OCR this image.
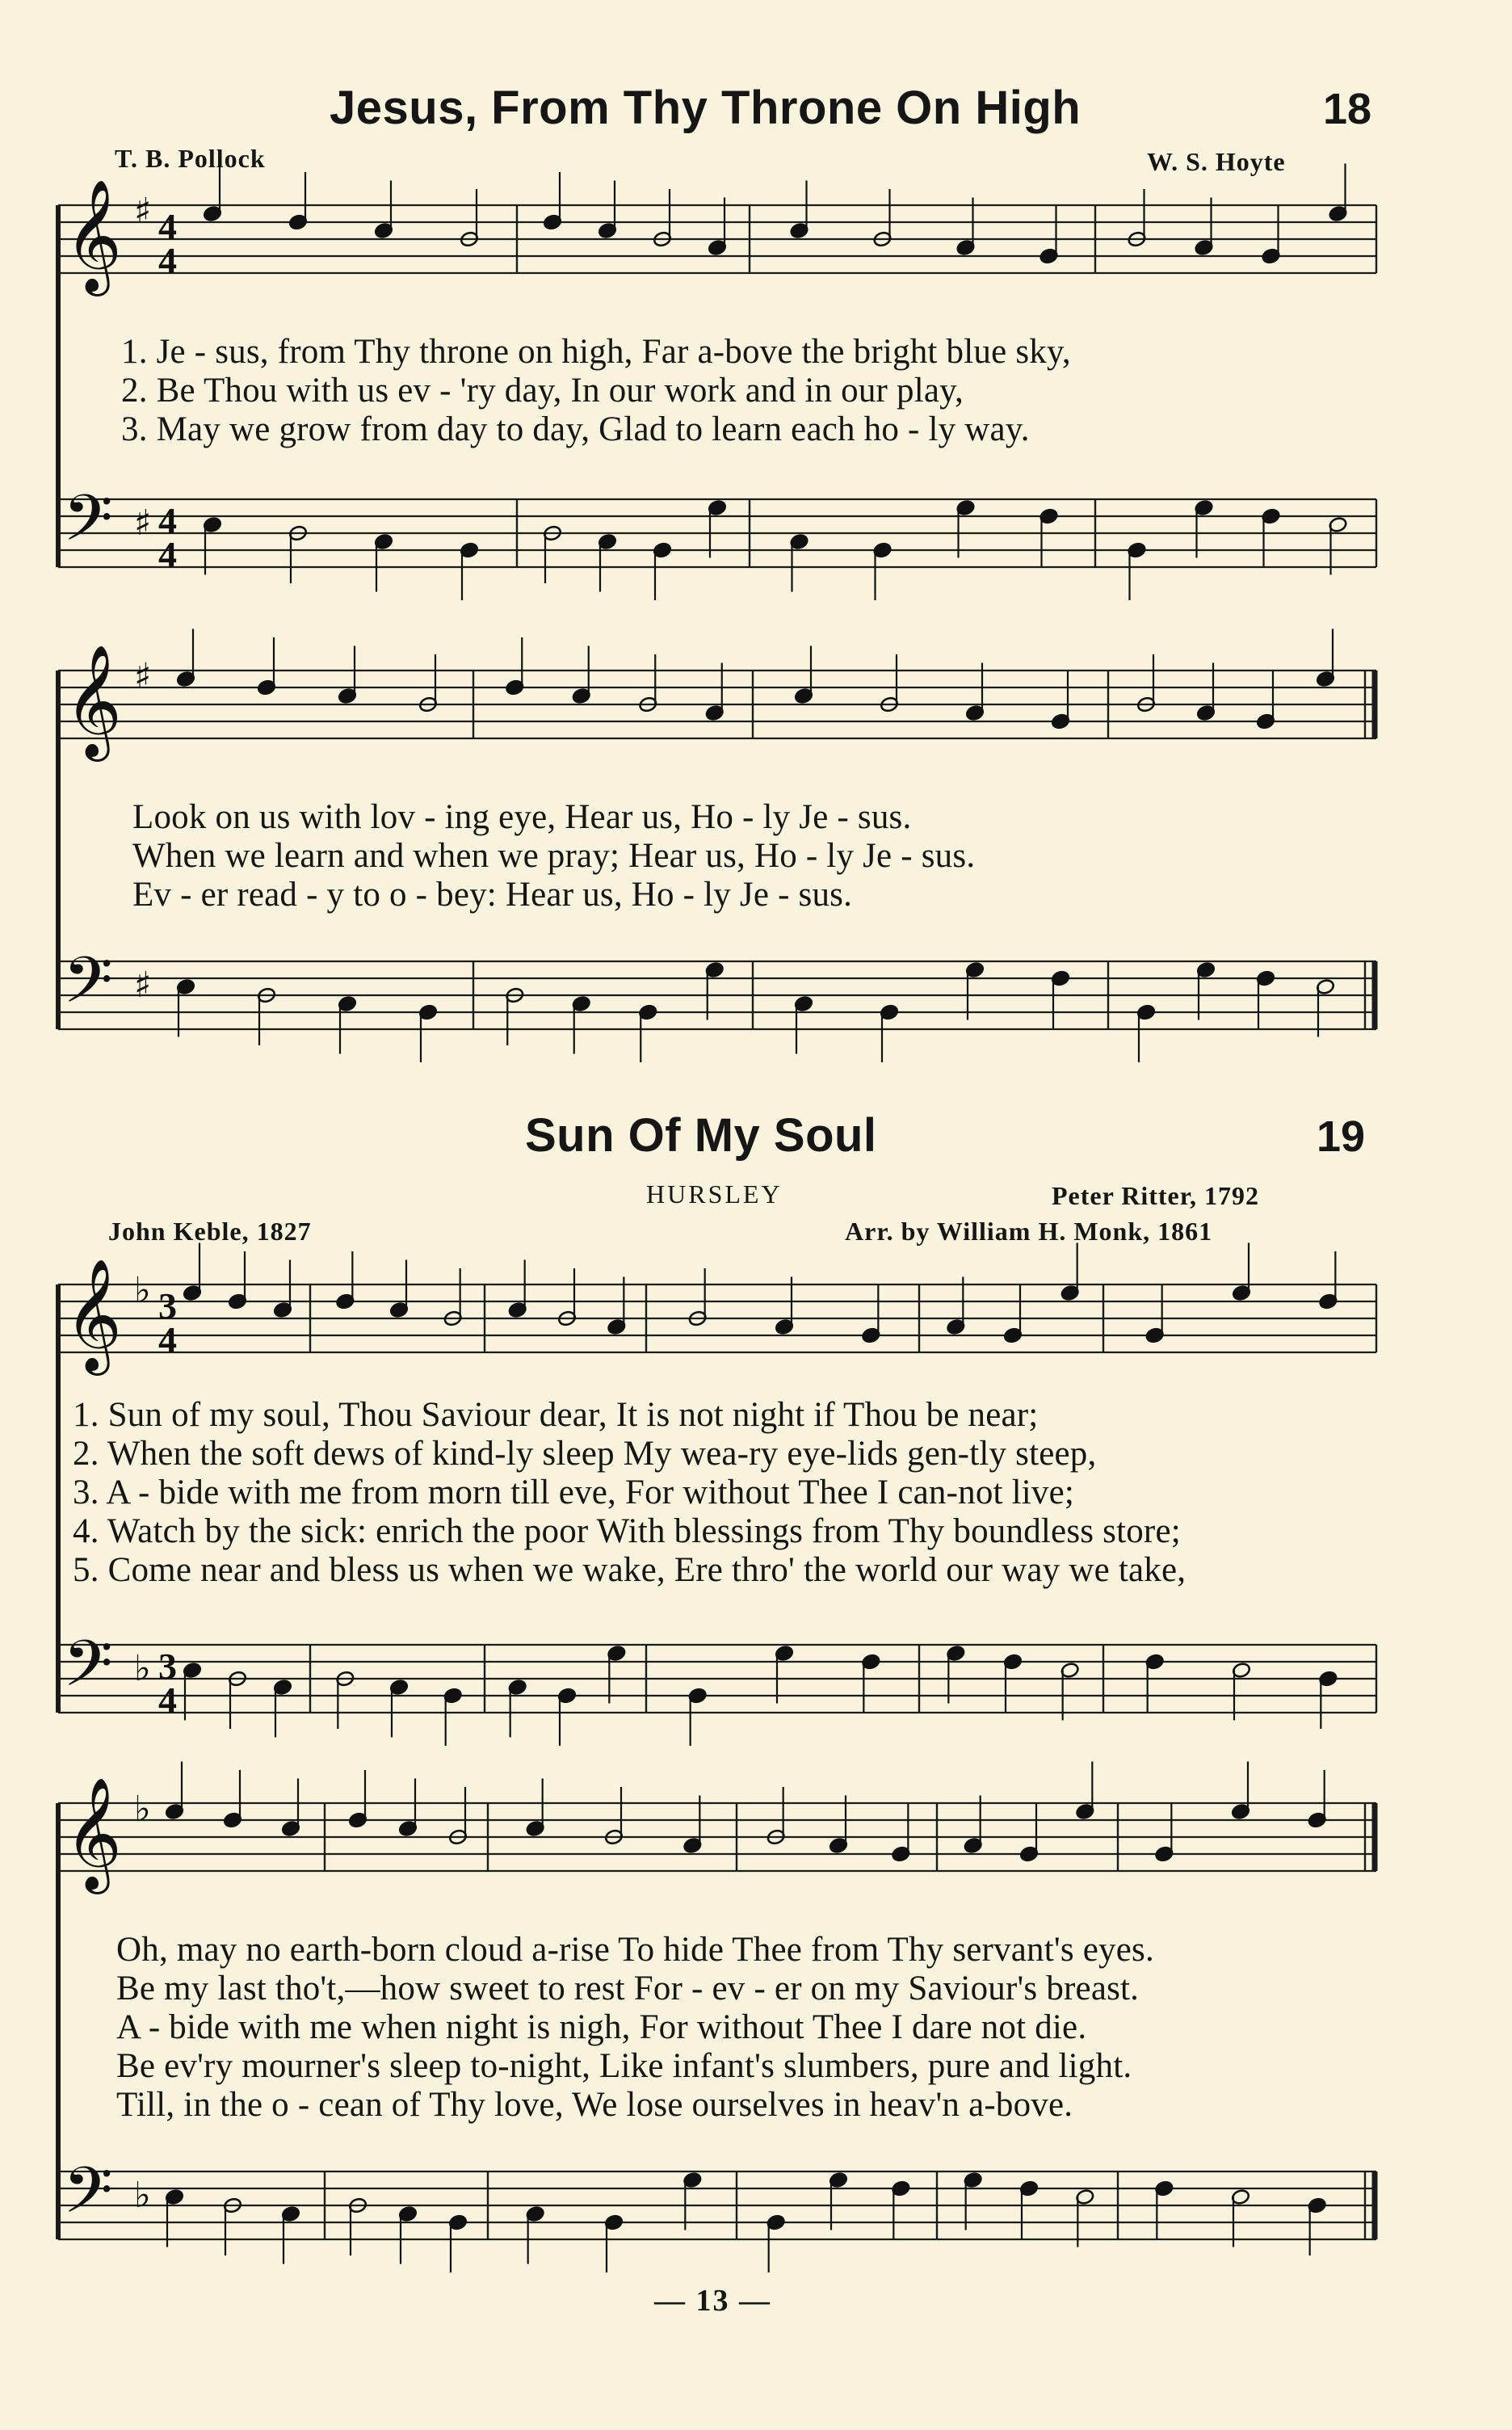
Jesus, From Thy Throne On High	18
T. B. Pollock	W. S. Hoyte
1. Je - sus, from Thy throne on high, Far a-bove the bright blue sky,
2. Be Thou with us ev - 'ry day, In our work and in our play,
3. May we grow from day to day, Glad to learn each ho - ly way.
Look on us with lov - ing eye, Hear us, Ho - ly Je - sus.
When we learn and when we pray; Hear us, Ho - ly Je - sus.
Ev - er read - y to o - bey: Hear us, Ho - ly Je - sus.
Sun Of My Soul	19
HURSLEY	Peter Ritter, 1792
John Keble, 1827	Arr. by William H. Monk, 1861
1. Sun of my soul, Thou Saviour dear, It is not night if Thou be near;
2. When the soft dews of kind-ly sleep My wea-ry eye-lids gen-tly steep,
3. A - bide with me from morn till eve, For without Thee I can-not live;
4. Watch by the sick: enrich the poor With blessings from Thy boundless store;
5. Come near and bless us when we wake, Ere thro' the world our way we take,
Oh, may no earth-born cloud a-rise To hide Thee from Thy servant's eyes.
Be my last tho't,—how sweet to rest For - ev - er on my Saviour's breast.
A - bide with me when night is nigh, For without Thee I dare not die.
Be ev'ry mourner's sleep to-night, Like infant's slumbers, pure and light.
Till, in the o - cean of Thy love, We lose ourselves in heav'n a-bove.
— 13 —
𝄞
𝄢
♯
♯
4
4
4
4
𝄞
𝄢
♯
♯
𝄞
𝄢
♭
♭
3
4
3
4
𝄞
𝄢
♭
♭
